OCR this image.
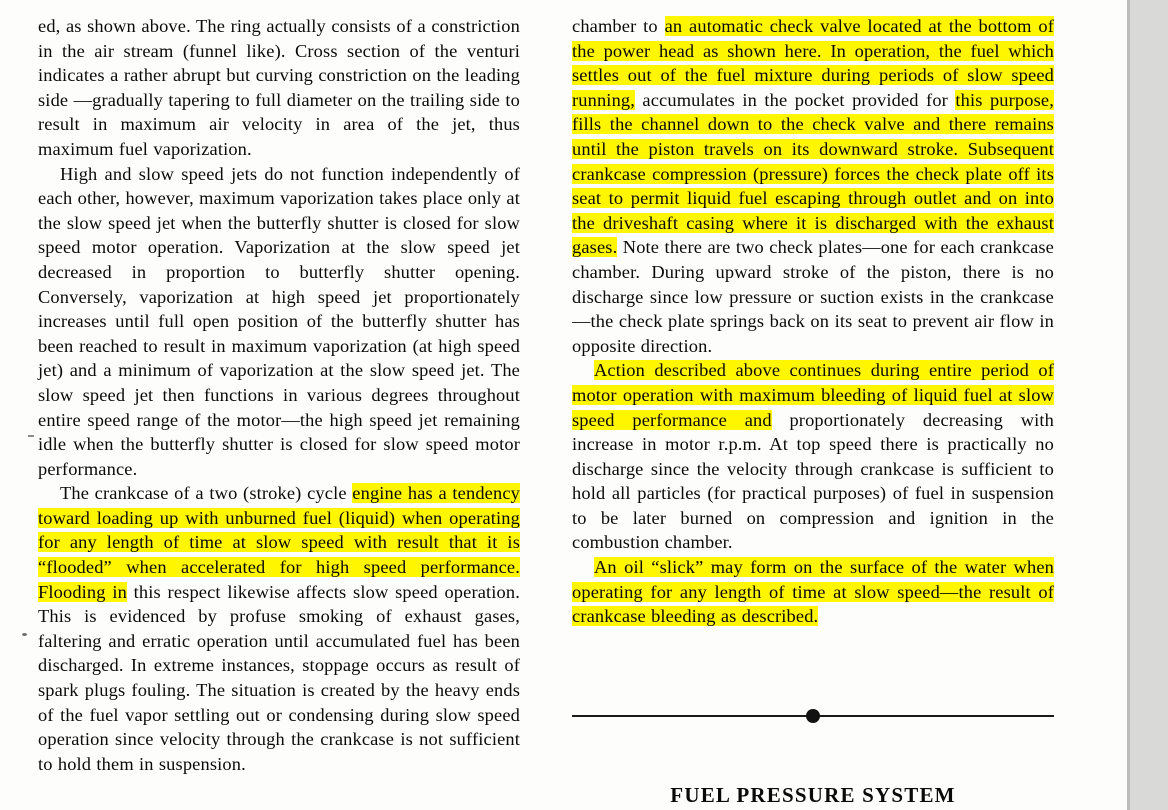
ed, as shown above. The ring actually consists of a constriction in the air stream (funnel like). Cross section of the venturi indicates a rather abrupt but curving constriction on the leading side —gradually tapering to full diameter on the trailing side to result in maximum air velocity in area of the jet, thus maximum fuel vaporization.

High and slow speed jets do not function independently of each other, however, maximum vaporization takes place only at the slow speed jet when the butterfly shutter is closed for slow speed motor operation. Vaporization at the slow speed jet decreased in proportion to butterfly shutter opening. Conversely, vaporization at high speed jet proportionately increases until full open position of the butterfly shutter has been reached to result in maximum vaporization (at high speed jet) and a minimum of vaporization at the slow speed jet. The slow speed jet then functions in various degrees throughout entire speed range of the motor—the high speed jet remaining idle when the butterfly shutter is closed for slow speed motor performance.

The crankcase of a two (stroke) cycle engine has a tendency toward loading up with unburned fuel (liquid) when operating for any length of time at slow speed with result that it is “flooded” when accelerated for high speed performance. Flooding in this respect likewise affects slow speed operation. This is evidenced by profuse smoking of exhaust gases, faltering and erratic operation until accumulated fuel has been discharged. In extreme instances, stoppage occurs as result of spark plugs fouling. The situation is created by the heavy ends of the fuel vapor settling out or condensing during slow speed operation since velocity through the crankcase is not sufficient to hold them in suspension.

chamber to an automatic check valve located at the bottom of the power head as shown here. In operation, the fuel which settles out of the fuel mixture during periods of slow speed running, accumulates in the pocket provided for this purpose, fills the channel down to the check valve and there remains until the piston travels on its downward stroke. Subsequent crankcase compression (pressure) forces the check plate off its seat to permit liquid fuel escaping through outlet and on into the driveshaft casing where it is discharged with the exhaust gases. Note there are two check plates—one for each crankcase chamber. During upward stroke of the piston, there is no discharge since low pressure or suction exists in the crankcase—the check plate springs back on its seat to prevent air flow in opposite direction.

Action described above continues during entire period of motor operation with maximum bleeding of liquid fuel at slow speed performance and proportionately decreasing with increase in motor r.p.m. At top speed there is practically no discharge since the velocity through crankcase is sufficient to hold all particles (for practical purposes) of fuel in suspension to be later burned on compression and ignition in the combustion chamber.

An oil “slick” may form on the surface of the water when operating for any length of time at slow speed—the result of crankcase bleeding as described.

FUEL PRESSURE SYSTEM
